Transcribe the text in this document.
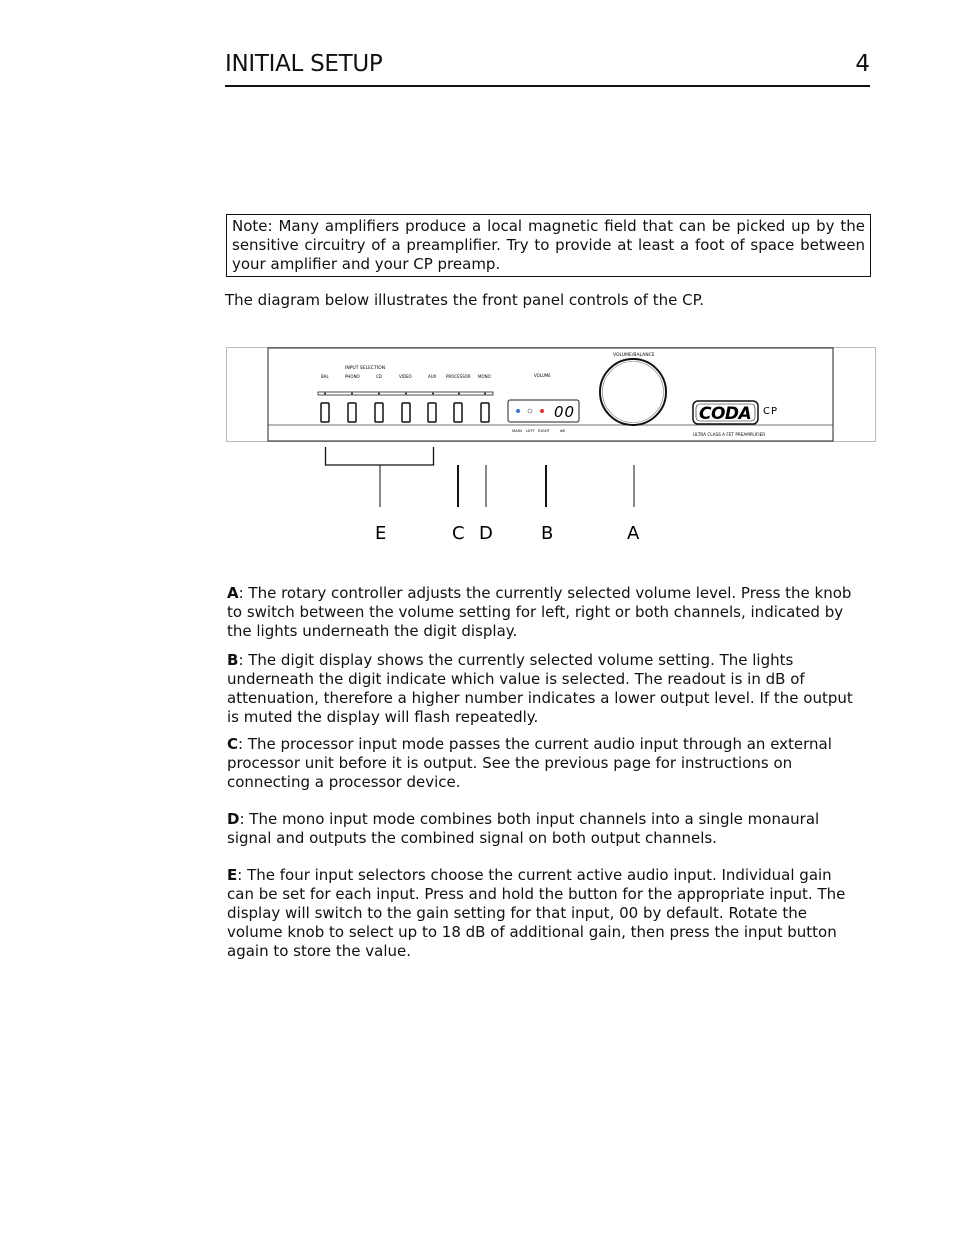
INITIAL SETUP	4
Note: Many amplifiers produce a local magnetic field that can be picked up by the sensitive circuitry of a preamplifier. Try to provide at least a foot of space between your amplifier and your CP preamp.
The diagram below illustrates the front panel controls of the CP.
INPUT SELECTION
BAL	PHONO	CD	VIDEO	AUX PROCESSOR MONO	VOLUME
00
MAIN LEFT RIGHT	dB
VOLUME/BALANCE
CODA CP
ULTRA CLASS A FET PREAMPLIFIER
E	C D	B	A

A: The rotary controller adjusts the currently selected volume level. Press the knob to switch between the volume setting for left, right or both channels, indicated by the lights underneath the digit display.

B: The digit display shows the currently selected volume setting. The lights underneath the digit indicate which value is selected. The readout is in dB of attenuation, therefore a higher number indicates a lower output level. If the output is muted the display will flash repeatedly.

C: The processor input mode passes the current audio input through an external processor unit before it is output. See the previous page for instructions on connecting a processor device.

D: The mono input mode combines both input channels into a single monaural signal and outputs the combined signal on both output channels.

E: The four input selectors choose the current active audio input. Individual gain can be set for each input. Press and hold the button for the appropriate input. The display will switch to the gain setting for that input, 00 by default. Rotate the volume knob to select up to 18 dB of additional gain, then press the input button again to store the value.
